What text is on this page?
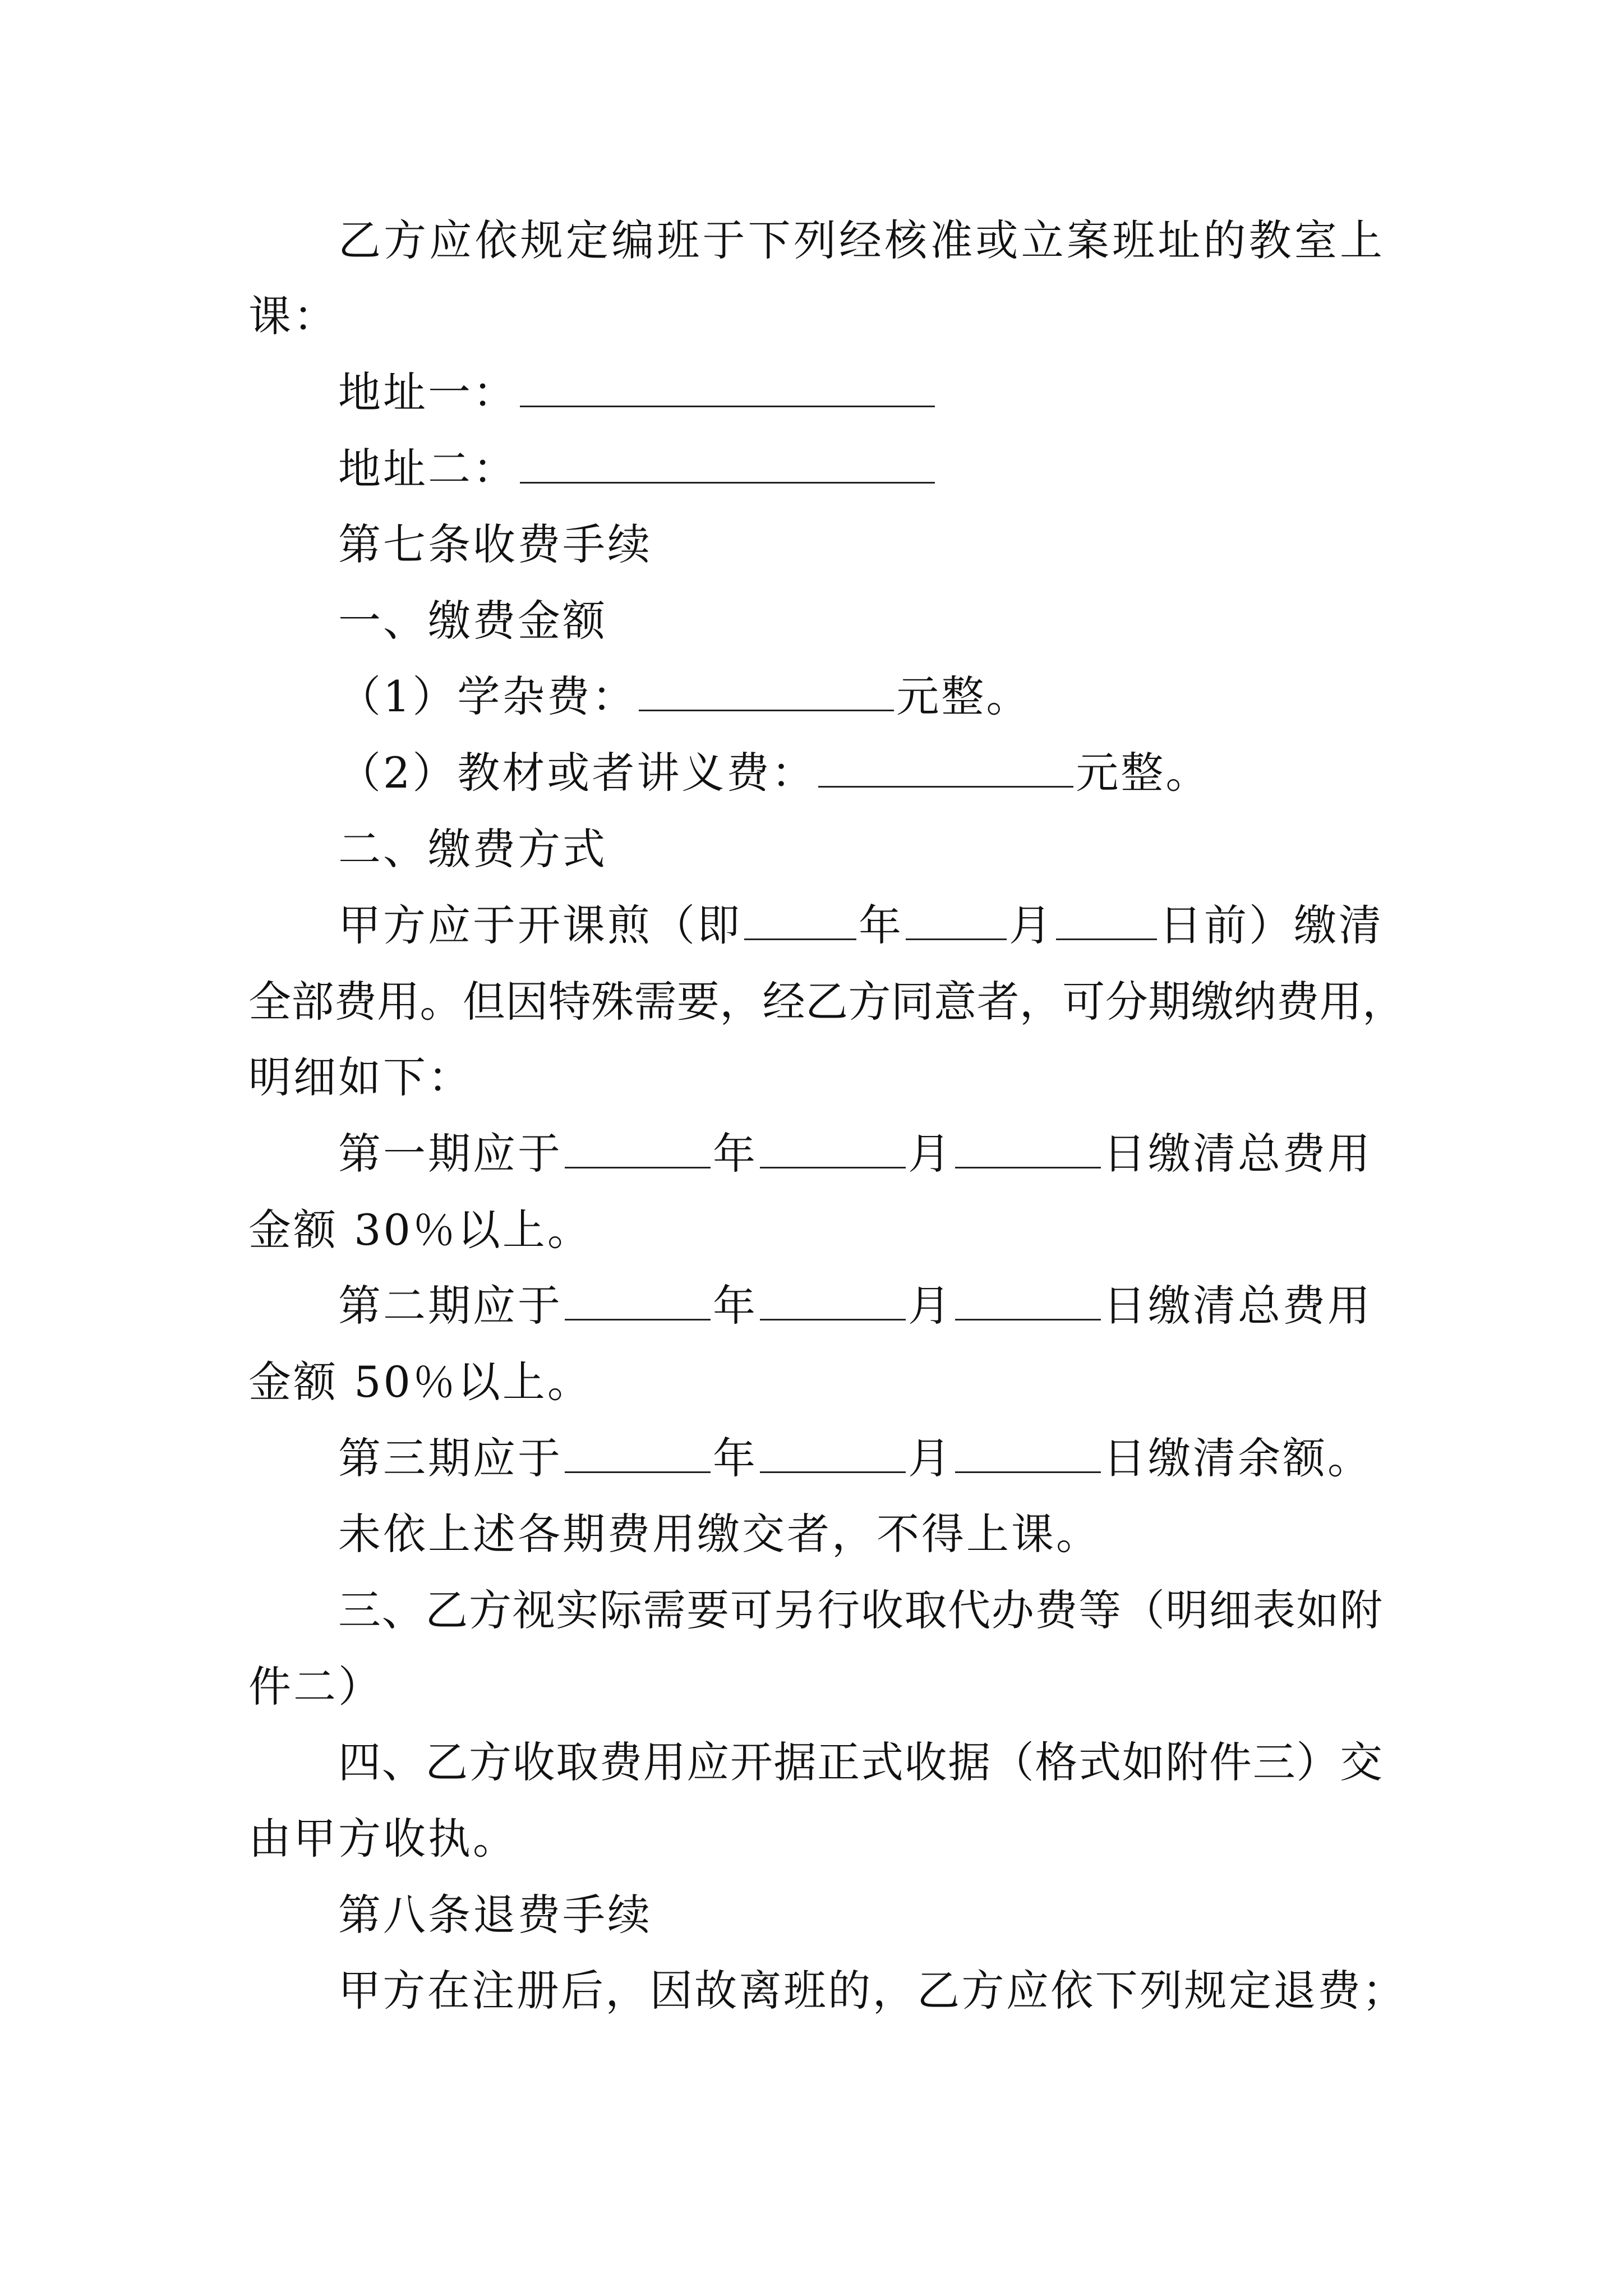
乙方应依规定编班于下列经核准或立案班址的教室上
课：
地址一：
地址二：
第七条收费手续
一、缴费金额
（1）学杂费：	元整。
（2）教材或者讲义费：	元整。
二、缴费方式
甲方应于开课煎（即	年 月 日前）缴清
全部费用。但因特殊需要，经乙方同意者，可分期缴纳费用，
明细如下：
第一期应于	年	月	日缴清总费用
金额 30％以上。
第二期应于	年	月	日缴清总费用
金额 50％以上。
第三期应于	年	月	日缴清余额。
未依上述各期费用缴交者，不得上课。
三、乙方视实际需要可另行收取代办费等（明细表如附
件二）
四、乙方收取费用应开据正式收据（格式如附件三）交
由甲方收执。
第八条退费手续
甲方在注册后，因故离班的，乙方应依下列规定退费；
